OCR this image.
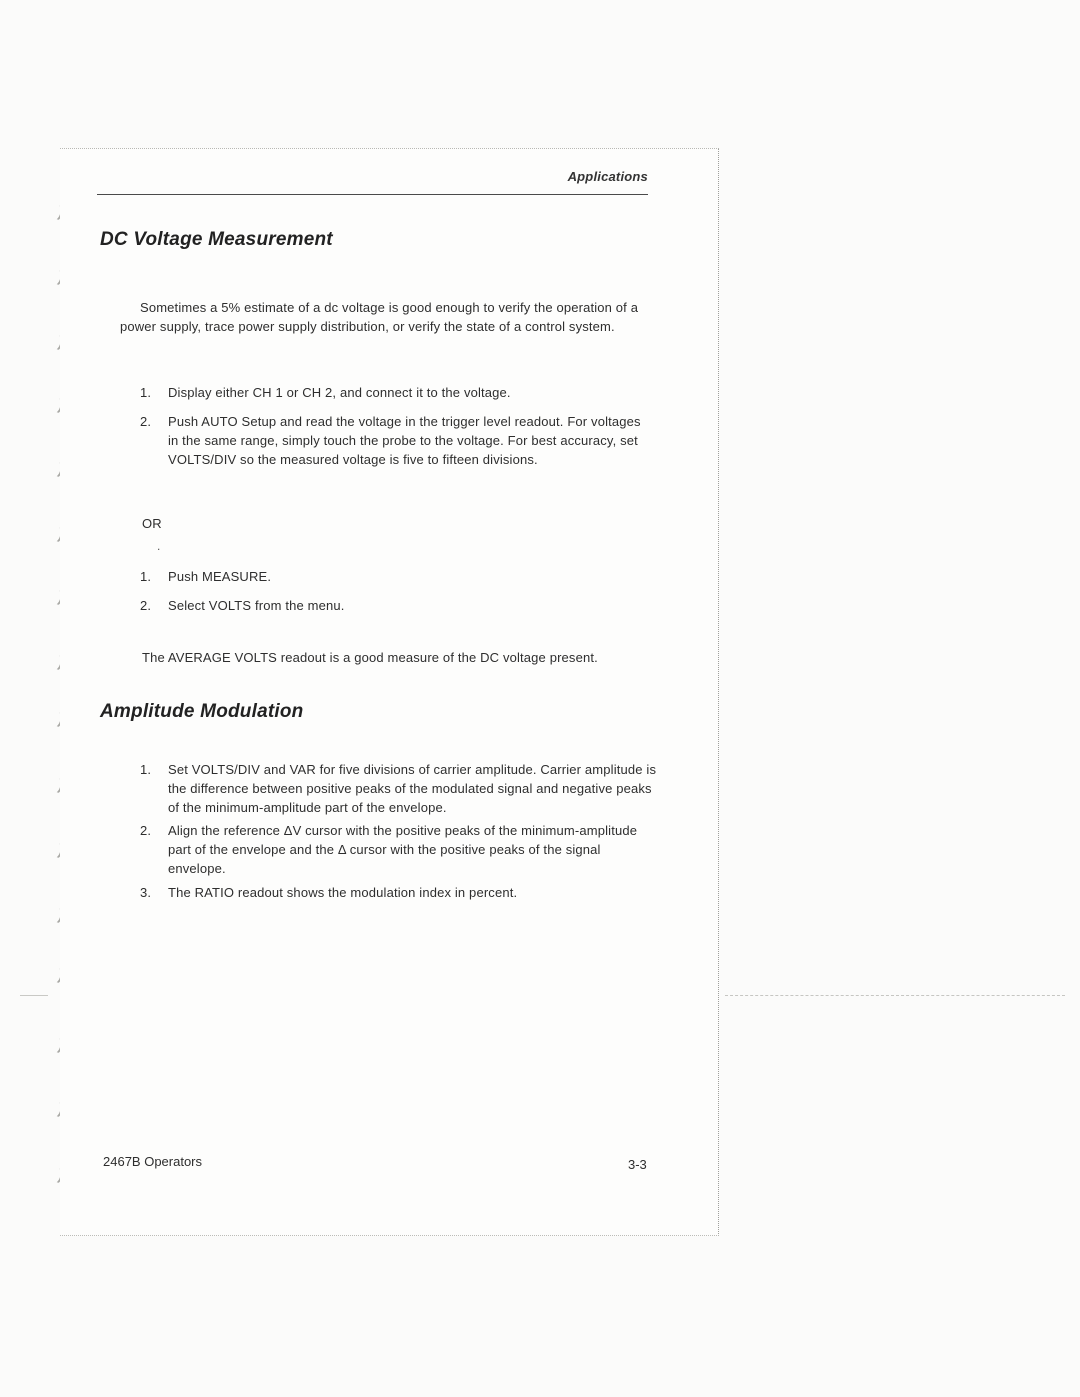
)
)
)
)
)
)
)
)
)
)
)
)
)
)
)
)
Applications
DC Voltage Measurement

Sometimes a 5% estimate of a dc voltage is good enough to verify the operation of a power supply, trace power supply distribution, or verify the state of a control system.

1.	Display either CH 1 or CH 2, and connect it to the voltage.
2.	Push AUTO Setup and read the voltage in the trigger level readout. For voltages in the same range, simply touch the probe to the voltage. For best accuracy, set VOLTS/DIV so the measured voltage is five to fifteen divisions.
OR
.
1.	Push MEASURE.
2.	Select VOLTS from the menu.

The AVERAGE VOLTS readout is a good measure of the DC voltage present.

Amplitude Modulation
1.	Set VOLTS/DIV and VAR for five divisions of carrier amplitude. Carrier amplitude is the difference between positive peaks of the modulated signal and negative peaks of the minimum-amplitude part of the envelope.
2.	Align the reference ΔV cursor with the positive peaks of the minimum-amplitude part of the envelope and the Δ cursor with the positive peaks of the signal envelope.
3.	The RATIO readout shows the modulation index in percent.
2467B Operators	3-3
